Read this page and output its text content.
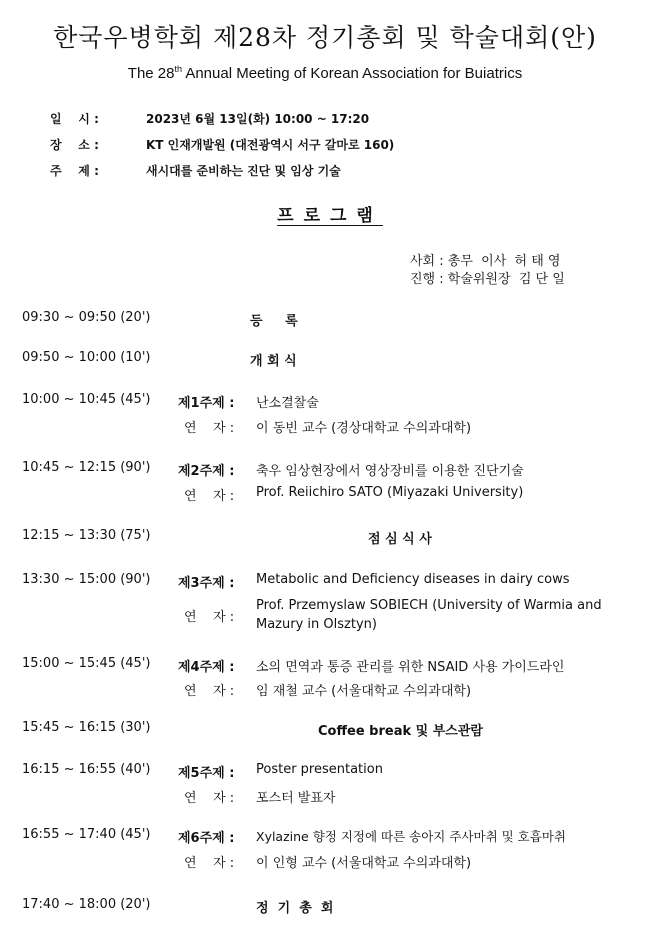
한국우병학회 제28차 정기총회 및 학술대회(안)
The 28th Annual Meeting of Korean Association for Buiatrics
일    시 :	2023년 6월 13일(화) 10:00 ~ 17:20
장    소 :	KT 인재개발원 (대전광역시 서구 갈마로 160)
주    제 :	새시대를 준비하는 진단 및 임상 기술
프로그램
사회 : 총무  이사  허 태 영
진행 : 학술위원장  김 단 일
09:30 ~ 09:50 (20')	등     록
09:50 ~ 10:00 (10')	개 회 식
10:00 ~ 10:45 (45') 제1주제 : 난소결찰술
연    자 : 이 동빈 교수 (경상대학교 수의과대학)
10:45 ~ 12:15 (90') 제2주제 : 축우 임상현장에서 영상장비를 이용한 진단기술
연    자 : Prof. Reiichiro SATO (Miyazaki University)
12:15 ~ 13:30 (75')	점 심 식 사
13:30 ~ 15:00 (90') 제3주제 : Metabolic and Deficiency diseases in dairy cows
연    자 :
Prof. Przemyslaw SOBIECH (University of Warmia and Mazury in Olsztyn)
15:00 ~ 15:45 (45') 제4주제 : 소의 면역과 통증 관리를 위한 NSAID 사용 가이드라인
연    자 : 임 재철 교수 (서울대학교 수의과대학)
15:45 ~ 16:15 (30')	Coffee break 및 부스관람
16:15 ~ 16:55 (40') 제5주제 : Poster presentation
연    자 : 포스터 발표자
16:55 ~ 17:40 (45') 제6주제 : Xylazine 향정 지정에 따른 송아지 주사마취 및 호흡마취
연    자 : 이 인형 교수 (서울대학교 수의과대학)
17:40 ~ 18:00 (20')	정  기  총  회
